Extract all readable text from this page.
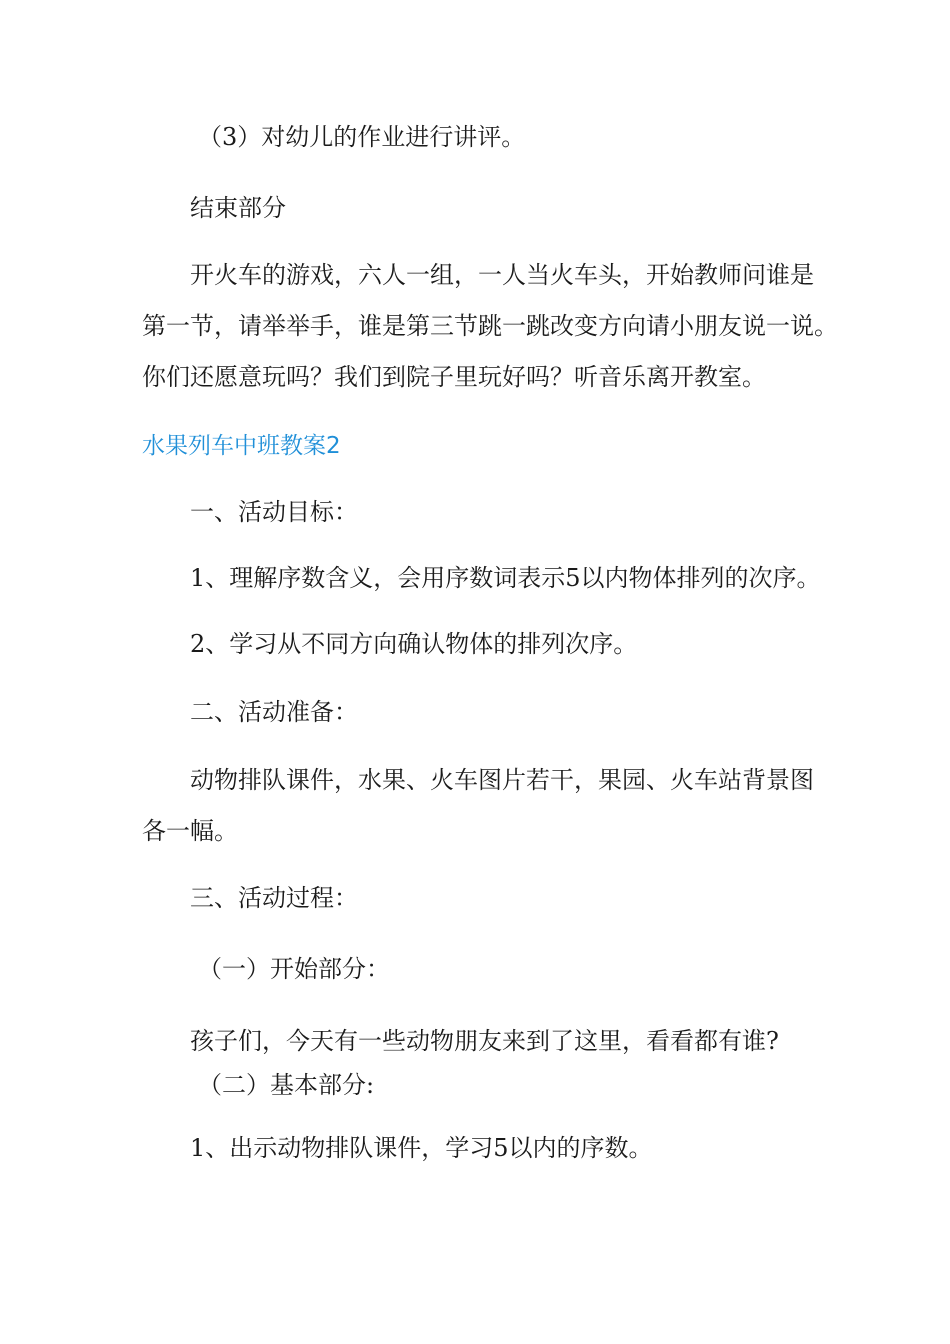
（3）对幼儿的作业进行讲评。
结束部分
开火车的游戏，六人一组，一人当火车头，开始教师问谁是
第一节，请举举手，谁是第三节跳一跳改变方向请小朋友说一说。
你们还愿意玩吗？我们到院子里玩好吗？听音乐离开教室。
水果列车中班教案2
一、活动目标：
1、理解序数含义，会用序数词表示5以内物体排列的次序。
2、学习从不同方向确认物体的排列次序。
二、活动准备：
动物排队课件，水果、火车图片若干，果园、火车站背景图
各一幅。
三、活动过程：
（一）开始部分：
孩子们，今天有一些动物朋友来到了这里，看看都有谁?
（二）基本部分:
1、出示动物排队课件，学习5以内的序数。
